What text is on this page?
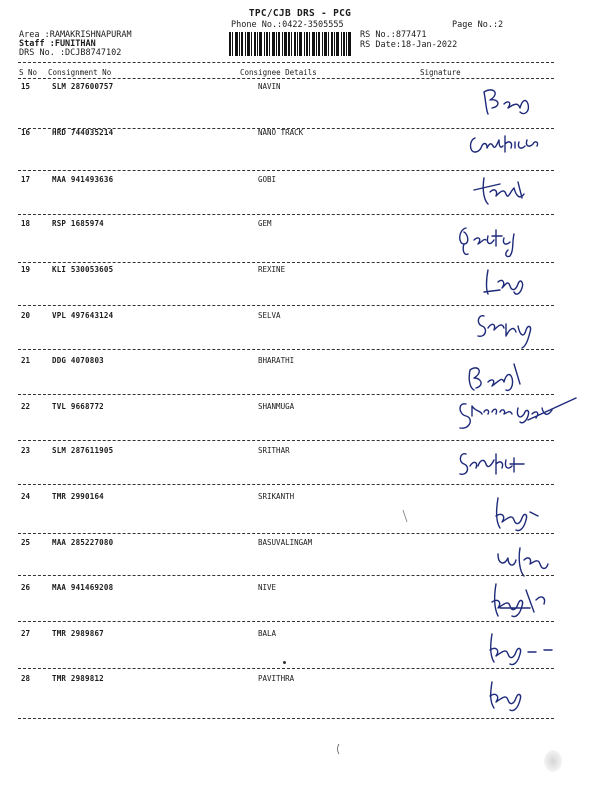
TPC/CJB DRS - PCG
Phone No.:0422-3505555	Page No.:2
RS No.:877471
RS Date:18-Jan-2022
Area :RAMAKRISHNAPURAM
Staff :FUNITHAN
DRS No. :DCJB8747102
S No Consignment No	Consignee Details	Signature
15	SLM 287600757	NAVIN
16	HRD 744035214	NANO TRACK
17	MAA 941493636	GOBI
18	RSP 1685974	GEM
19	KLI 530053605	REXINE
20	VPL 497643124	SELVA
21	DDG 4070803	BHARATHI
22	TVL 9668772	SHANMUGA
23	SLM 287611905	SRITHAR
24	TMR 2990164	SRIKANTH
25	MAA 285227080	BASUVALINGAM
26	MAA 941469208	NIVE
27	TMR 2989867	BALA
28	TMR 2989812	PAVITHRA
